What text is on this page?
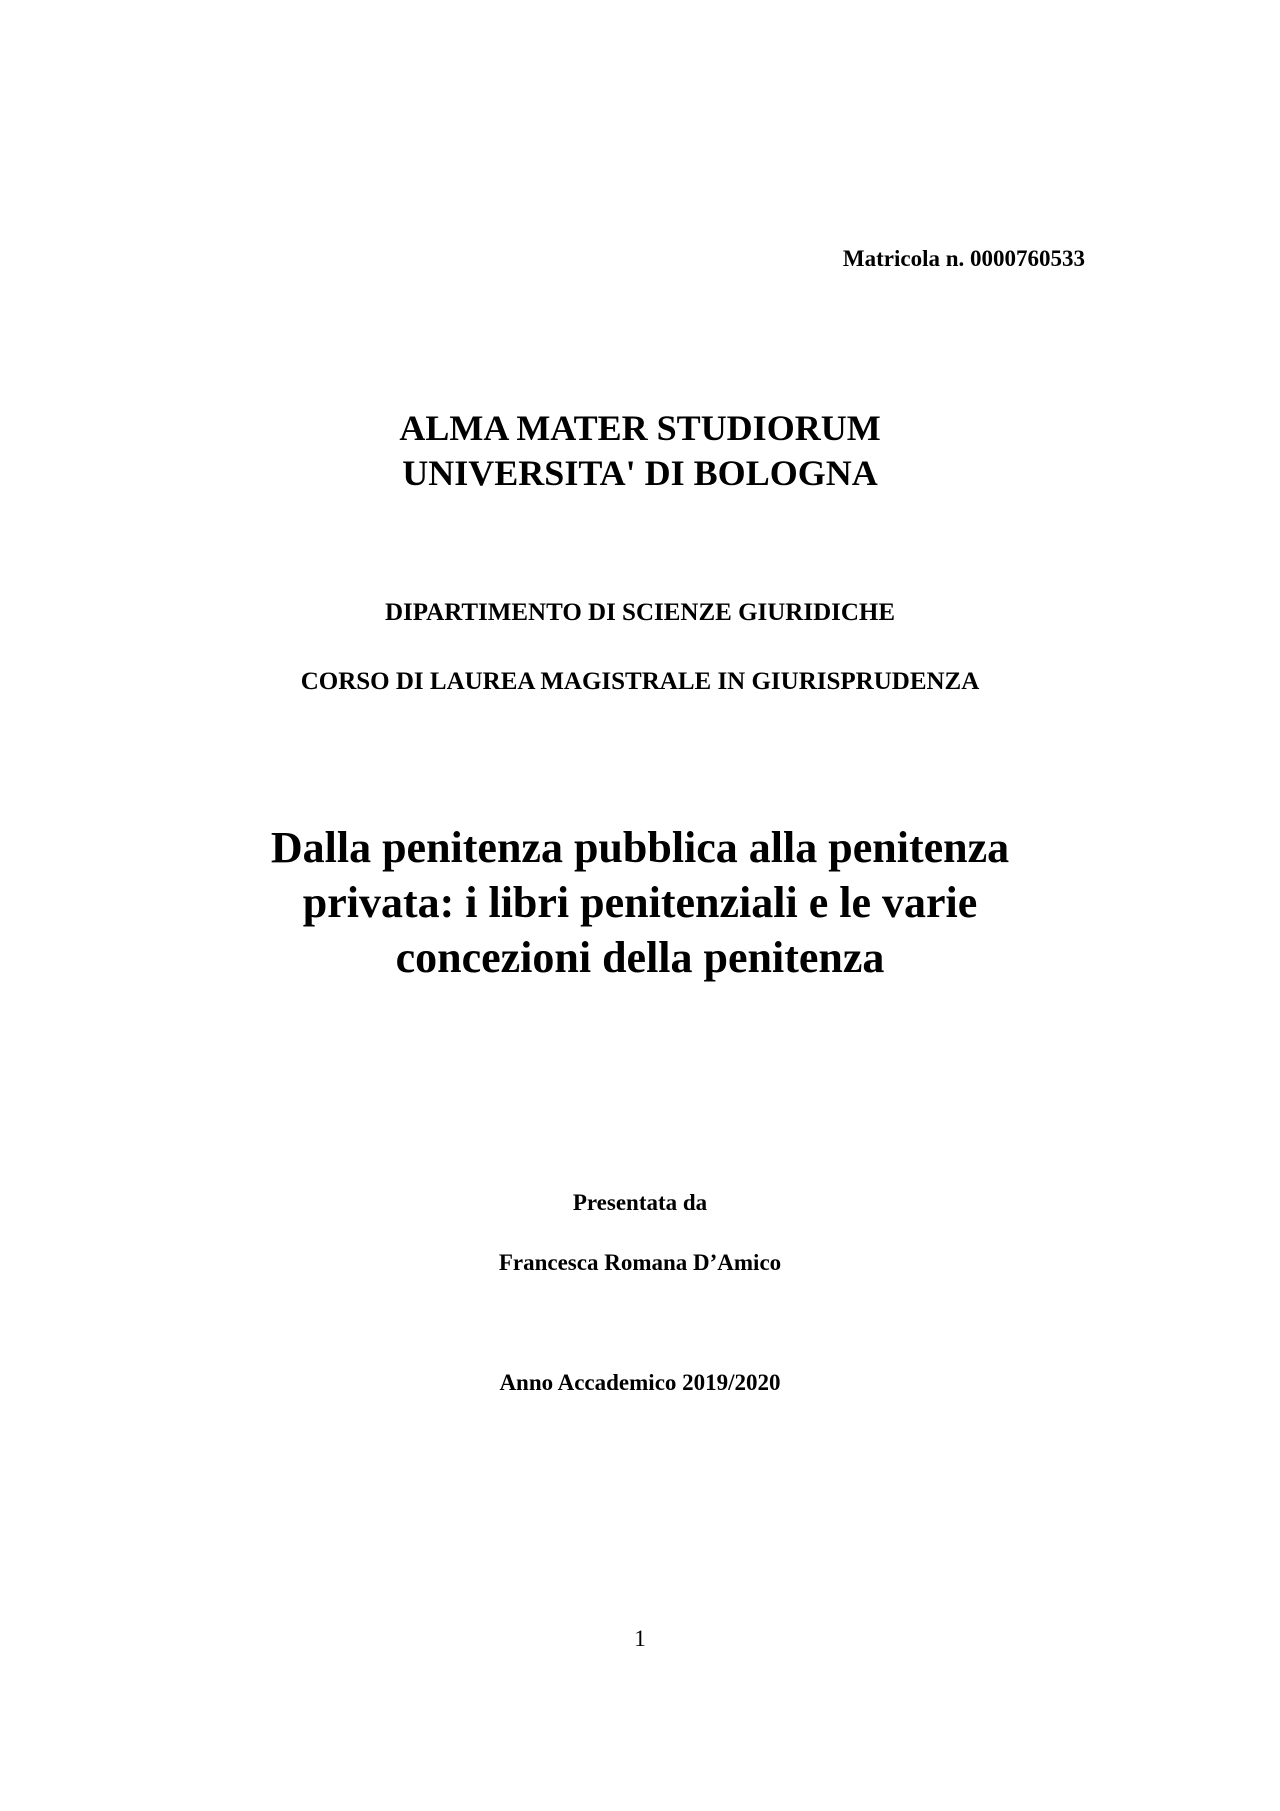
Matricola n. 0000760533

ALMA MATER STUDIORUM

UNIVERSITA' DI BOLOGNA

DIPARTIMENTO DI SCIENZE GIURIDICHE

CORSO DI LAUREA MAGISTRALE IN GIURISPRUDENZA

Dalla penitenza pubblica alla penitenza
privata: i libri penitenziali e le varie
concezioni della penitenza

Presentata da

Francesca Romana D’Amico

Anno Accademico 2019/2020

1
